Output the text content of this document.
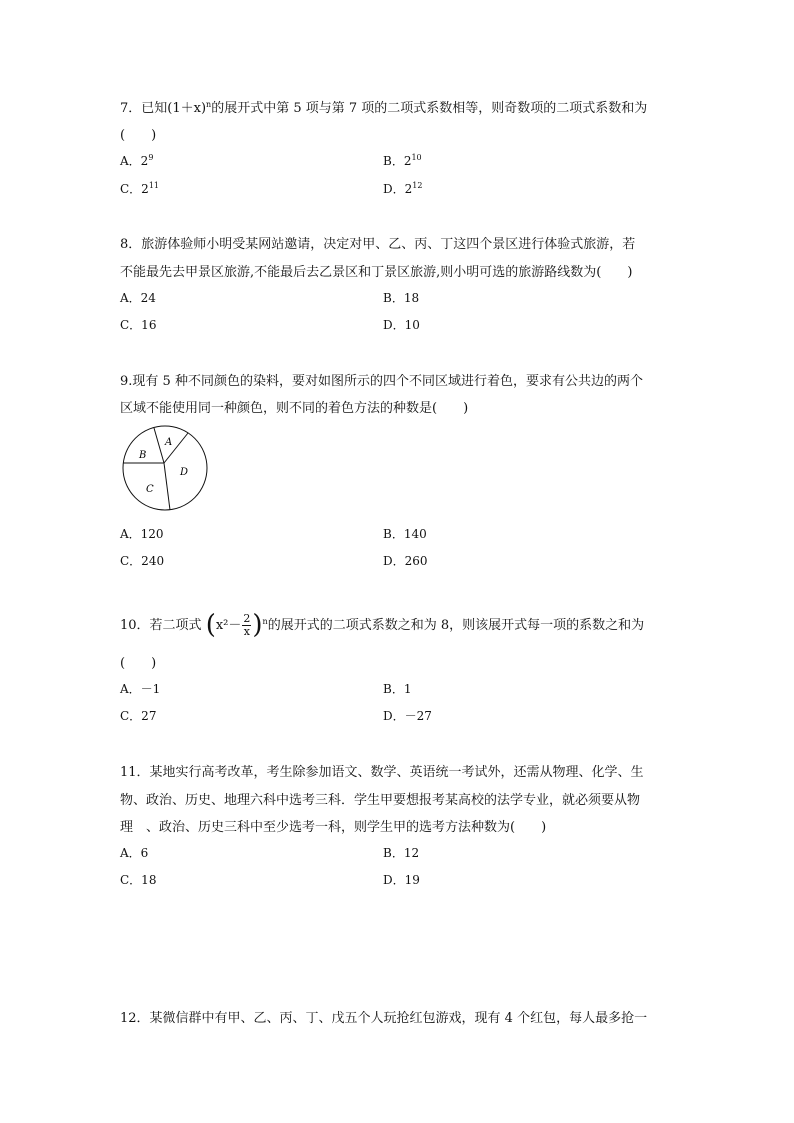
7．已知$(1+x)^n$的展开式中第 5 项与第 7 项的二项式系数相等，则奇数项的二项式系数和为
(　　)
A．$2^9$	B．$2^{10}$
C．$2^{11}$	D．$2^{12}$
8．旅游体验师小明受某网站邀请，决定对甲、乙、丙、丁这四个景区进行体验式旅游，若
不能最先去甲景区旅游,不能最后去乙景区和丁景区旅游,则小明可选的旅游路线数为(　　)
A．24	B．18
C．16	D．10
9.现有 5 种不同颜色的染料，要对如图所示的四个不同区域进行着色，要求有公共边的两个
区域不能使用同一种颜色，则不同的着色方法的种数是(　　)
A
B
C
D
A．120	B．140
C．240	D．260
10．若二项式 $(x^2- \frac{2}{x} )^n$的展开式的二项式系数之和为 8，则该展开式每一项的系数之和为
(　　)
A．－1	B．1
C．27	D．－27
11．某地实行高考改革，考生除参加语文、数学、英语统一考试外，还需从物理、化学、生
物、政治、历史、地理六科中选考三科．学生甲要想报考某高校的法学专业，就必须要从物
理　、政治、历史三科中至少选考一科，则学生甲的选考方法种数为(　　)
A．6	B．12
C．18	D．19
12．某微信群中有甲、乙、丙、丁、戊五个人玩抢红包游戏，现有 4 个红包，每人最多抢一
